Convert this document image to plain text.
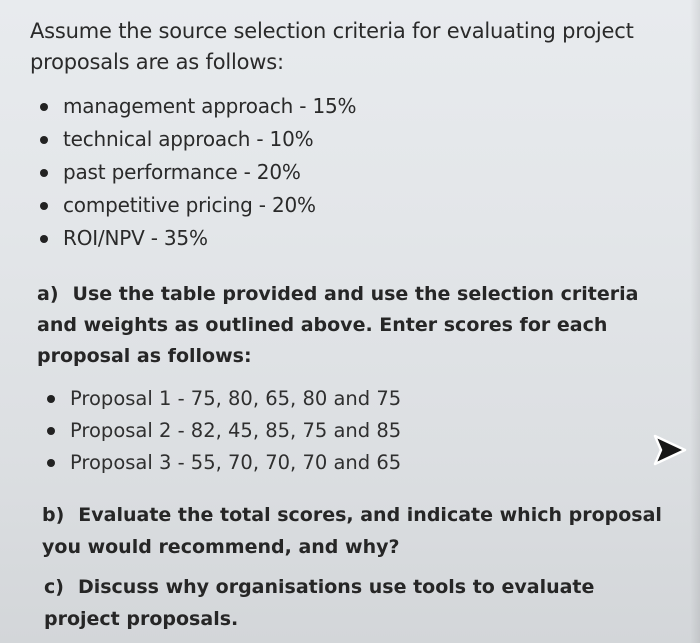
Assume the source selection criteria for evaluating project proposals are as follows:
management approach - 15%
technical approach - 10%
past performance - 20%
competitive pricing - 20%
ROI/NPV - 35%
a) Use the table provided and use the selection criteria and weights as outlined above. Enter scores for each proposal as follows:
Proposal 1 - 75, 80, 65, 80 and 75
Proposal 2 - 82, 45, 85, 75 and 85
Proposal 3 - 55, 70, 70, 70 and 65
b) Evaluate the total scores, and indicate which proposal you would recommend, and why?
c) Discuss why organisations use tools to evaluate project proposals.
